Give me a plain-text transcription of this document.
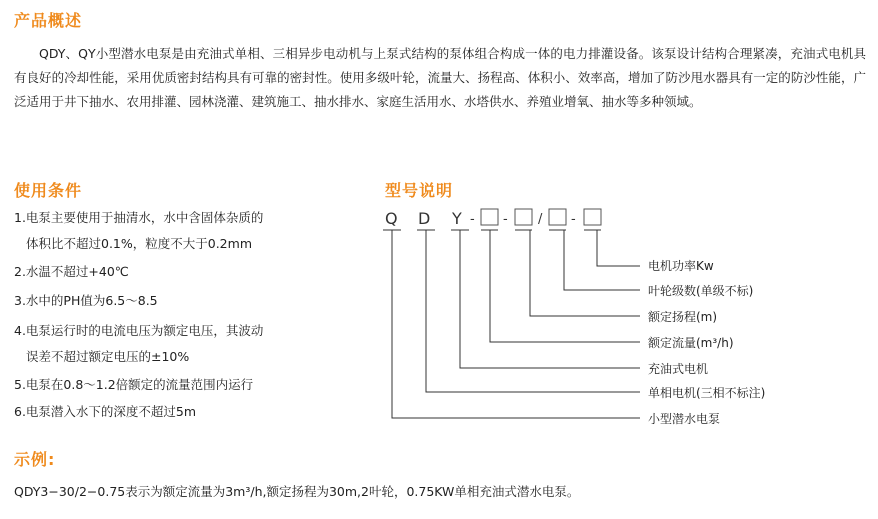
产品概述
QDY、QY小型潜水电泵是由充油式单相、三相异步电动机与上泵式结构的泵体组合构成一体的电力排灌设备。该泵设计结构合理紧凑，充油式电机具有良好的冷却性能，采用优质密封结构具有可靠的密封性。使用多级叶轮，流量大、扬程高、体积小、效率高，增加了防沙甩水器具有一定的防沙性能，广泛适用于井下抽水、农用排灌、园林浇灌、建筑施工、抽水排水、家庭生活用水、水塔供水、养殖业增氧、抽水等多种领域。
使用条件
1.电泵主要使用于抽清水，水中含固体杂质的
体积比不超过0.1%，粒度不大于0.2mm
2.水温不超过+40℃
3.水中的PH值为6.5～8.5
4.电泵运行时的电流电压为额定电压，其波动
误差不超过额定电压的±10%
5.电泵在0.8～1.2倍额定的流量范围内运行
6.电泵潜入水下的深度不超过5m
型号说明
Q D Y - - / -
电机功率Kw
叶轮级数(单级不标)
额定扬程(m)
额定流量(m³/h)
充油式电机
单相电机(三相不标注)
小型潜水电泵
示例:
QDY3−30/2−0.75表示为额定流量为3m³/h,额定扬程为30m,2叶轮，0.75KW单相充油式潜水电泵。
